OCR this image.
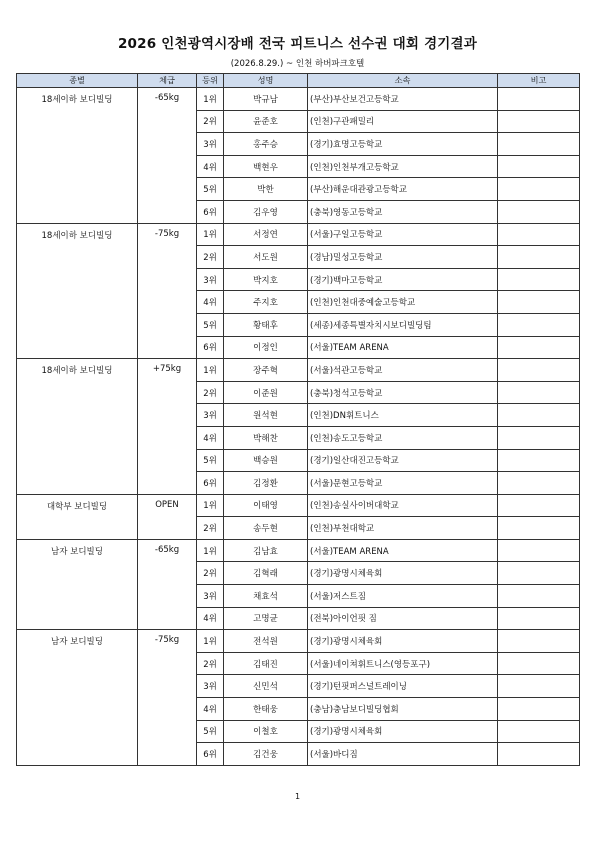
2026 인천광역시장배 전국 피트니스 선수권 대회 경기결과
(2026.8.29.) ~ 인천 하버파크호텔
종별	체급	등위	성명	소속	비고
18세이하 보디빌딩	-65kg	1위	박규남	(부산)부산보건고등학교	
		2위	윤준호	(인천)구관패밀리	
		3위	홍주승	(경기)효명고등학교	
		4위	백현우	(인천)인천부개고등학교	
		5위	박한	(부산)해운대관광고등학교	
		6위	김우영	(충북)영동고등학교	
18세이하 보디빌딩	-75kg	1위	서정연	(서울)구일고등학교	
		2위	서도원	(경남)밀성고등학교	
		3위	박지호	(경기)백마고등학교	
		4위	주지호	(인천)인천대중예술고등학교	
		5위	황태후	(세종)세종특별자치시보디빌딩팀	
		6위	이정인	(서울)TEAM ARENA	
18세이하 보디빌딩	+75kg	1위	장주혁	(서울)석관고등학교	
		2위	이준원	(충북)청석고등학교	
		3위	원석현	(인천)DN휘트니스	
		4위	박해찬	(인천)송도고등학교	
		5위	백승원	(경기)일산대진고등학교	
		6위	김정환	(서울)문현고등학교	
대학부 보디빌딩	OPEN	1위	이태영	(인천)송실사이버대학교	
		2위	송두현	(인천)부천대학교	
남자 보디빌딩	-65kg	1위	김남효	(서울)TEAM ARENA	
		2위	김혁래	(경기)광명시체육회	
		3위	채효석	(서울)저스트짐	
		4위	고명균	(전북)아이언핏 짐	
남자 보디빌딩	-75kg	1위	전석원	(경기)광명시체육회	
		2위	김태진	(서울)네이쳐휘트니스(영등포구)	
		3위	신민석	(경기)턴핏퍼스널트레이닝	
		4위	한태웅	(충남)충남보디빌딩협회	
		5위	이철호	(경기)광명시체육회	
		6위	김건웅	(서울)바디짐	
1
